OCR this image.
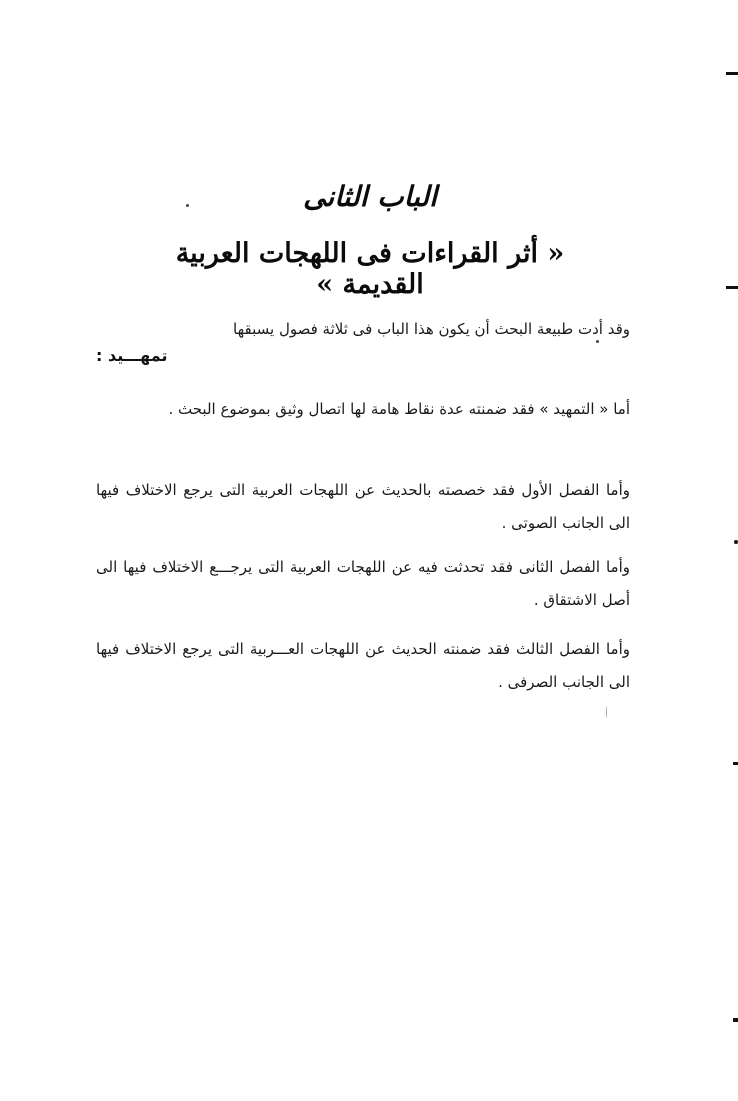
الباب الثانى
« أثر القراءات فى اللهجات العربية القديمة »
وقد أدت طبيعة البحث أن يكون هذا الباب فى ثلاثة فصول يسبقها
تمهـــيد :
أما « التمهيد » فقد ضمنته عدة نقاط هامة لها اتصال وثيق بموضوع البحث .
وأما الفصل الأول فقد خصصته بالحديث عن اللهجات العربية التى يرجع الاختلاف فيها الى الجانب الصوتى .
وأما الفصل الثانى فقد تحدثت فيه عن اللهجات العربية التى يرجـــع الاختلاف فيها الى أصل الاشتقاق .
وأما الفصل الثالث فقد ضمنته الحديث عن اللهجات العـــربية التى يرجع الاختلاف فيها الى الجانب الصرفى .
